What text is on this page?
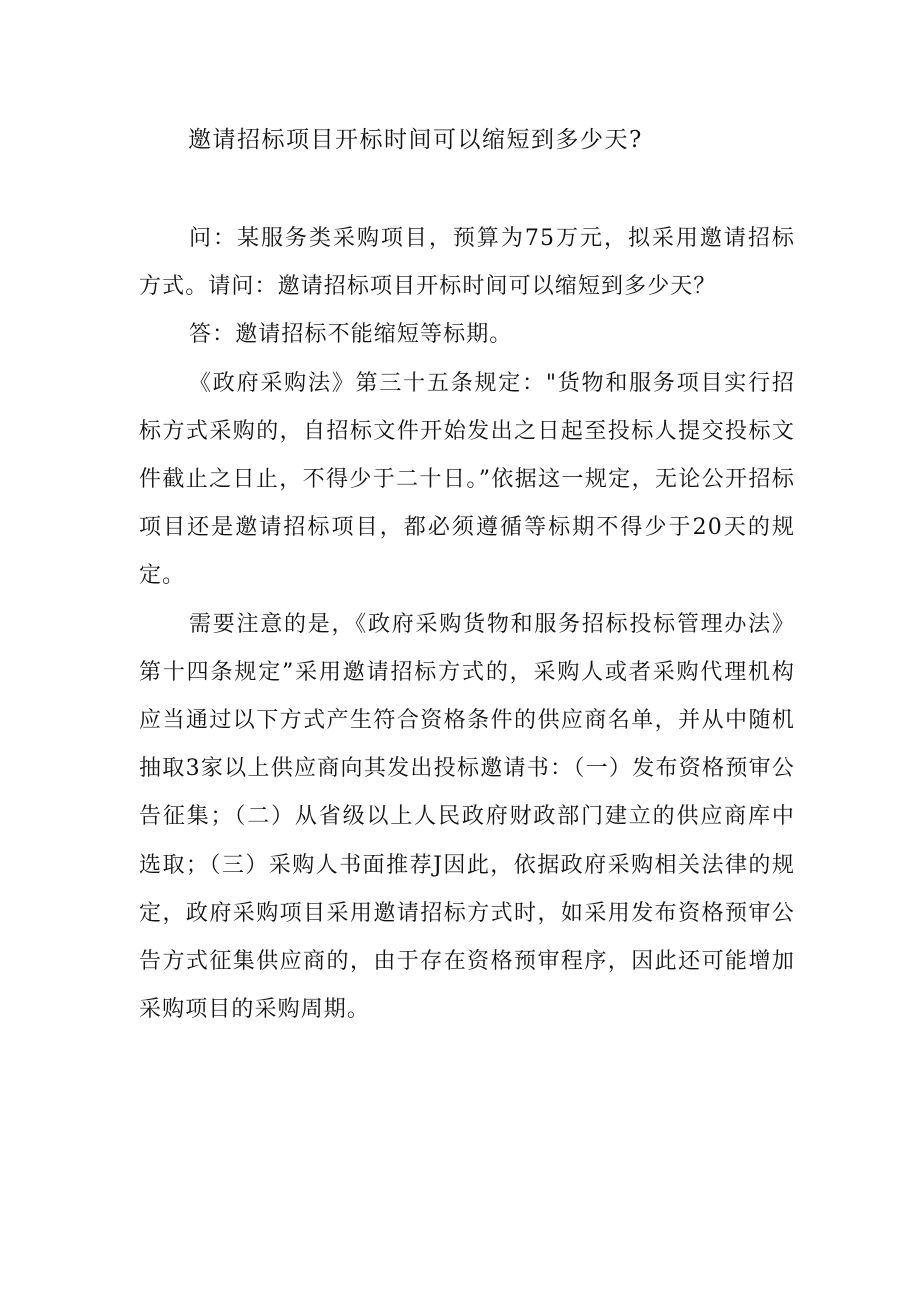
邀请招标项目开标时间可以缩短到多少天?

问：某服务类采购项目，预算为75万元，拟采用邀请招标方式。请问：邀请招标项目开标时间可以缩短到多少天？

答：邀请招标不能缩短等标期。

《政府采购法》第三十五条规定："货物和服务项目实行招标方式采购的，自招标文件开始发出之日起至投标人提交投标文件截止之日止，不得少于二十日。”依据这一规定，无论公开招标项目还是邀请招标项目，都必须遵循等标期不得少于20天的规定。

需要注意的是，《政府采购货物和服务招标投标管理办法》第十四条规定”采用邀请招标方式的，采购人或者采购代理机构应当通过以下方式产生符合资格条件的供应商名单，并从中随机抽取3家以上供应商向其发出投标邀请书：（一）发布资格预审公告征集；（二）从省级以上人民政府财政部门建立的供应商库中选取；（三）采购人书面推荐J因此，依据政府采购相关法律的规定，政府采购项目采用邀请招标方式时，如采用发布资格预审公告方式征集供应商的，由于存在资格预审程序，因此还可能增加采购项目的采购周期。
